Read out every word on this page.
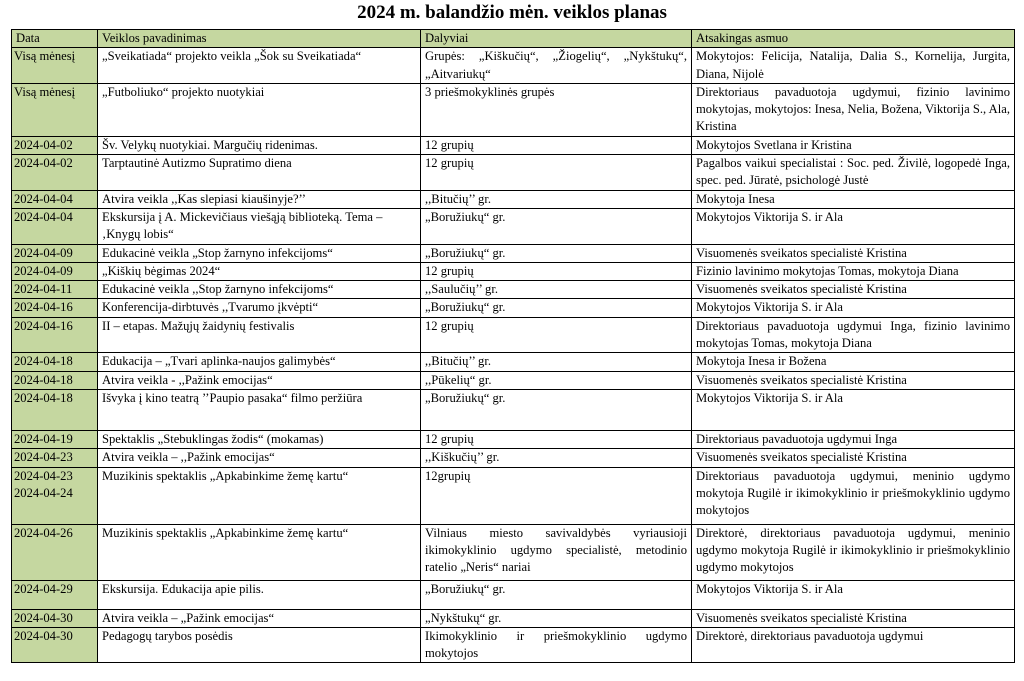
2024 m. balandžio mėn. veiklos planas
Data	Veiklos pavadinimas	Dalyviai	Atsakingas asmuo

Visą mėnesį	„Sveikatiada“ projekto veikla „Šok su Sveikatiada“	Grupės: „Kiškučių“, „Žiogelių“, „Nykštukų“, „Aitvariukų“	Mokytojos: Felicija, Natalija, Dalia S., Kornelija, Jurgita, Diana, Nijolė

Visą mėnesį	„Futboliuko“ projekto nuotykiai	3 priešmokyklinės grupės	Direktoriaus pavaduotoja ugdymui, fizinio lavinimo mokytojas, mokytojos: Inesa, Nelia, Božena, Viktorija S., Ala, Kristina

2024-04-02	Šv. Velykų nuotykiai. Margučių ridenimas.	12 grupių	Mokytojos Svetlana ir Kristina

2024-04-02	Tarptautinė Autizmo Supratimo diena	12 grupių	Pagalbos vaikui specialistai : Soc. ped. Živilė, logopedė Inga, spec. ped. Jūratė, psichologė Justė

2024-04-04	Atvira veikla ,,Kas slepiasi kiaušinyje?’’	,,Bitučių’’ gr.	Mokytoja Inesa

2024-04-04	Ekskursija į A. Mickevičiaus viešąją biblioteką. Tema – ‚Knygų lobis“	„Boružiukų“ gr.	Mokytojos Viktorija S. ir Ala

2024-04-09	Edukacinė veikla „Stop žarnyno infekcijoms“	„Boružiukų“ gr.	Visuomenės sveikatos specialistė Kristina

2024-04-09	„Kiškių bėgimas 2024“	12 grupių	Fizinio lavinimo mokytojas Tomas, mokytoja Diana

2024-04-11	Edukacinė veikla ,,Stop žarnyno infekcijoms“	,,Saulučių’’ gr.	Visuomenės sveikatos specialistė Kristina

2024-04-16	Konferencija-dirbtuvės ,,Tvarumo įkvėpti“	„Boružiukų“ gr.	Mokytojos Viktorija S. ir Ala

2024-04-16	II – etapas. Mažųjų žaidynių festivalis	12 grupių	Direktoriaus pavaduotoja ugdymui Inga, fizinio lavinimo mokytojas Tomas, mokytoja Diana

2024-04-18	Edukacija – „Tvari aplinka-naujos galimybės“	,,Bitučių’’ gr.	Mokytoja Inesa ir Božena

2024-04-18	Atvira veikla - ,,Pažink emocijas“	,,Pūkelių“ gr.	Visuomenės sveikatos specialistė Kristina

2024-04-18	Išvyka į kino teatrą ’’Paupio pasaka“ filmo peržiūra	„Boružiukų“ gr.	Mokytojos Viktorija S. ir Ala

2024-04-19	Spektaklis „Stebuklingas žodis“ (mokamas)	12 grupių	Direktoriaus pavaduotoja ugdymui Inga

2024-04-23	Atvira veikla – ,,Pažink emocijas“	,,Kiškučių’’ gr.	Visuomenės sveikatos specialistė Kristina

2024-04-23
2024-04-24	Muzikinis spektaklis „Apkabinkime žemę kartu“	12grupių	Direktoriaus pavaduotoja ugdymui, meninio ugdymo mokytoja Rugilė ir ikimokyklinio ir priešmokyklinio ugdymo mokytojos

2024-04-26	Muzikinis spektaklis „Apkabinkime žemę kartu“	Vilniaus miesto savivaldybės vyriausioji ikimokyklinio ugdymo specialistė, metodinio ratelio „Neris“ nariai	Direktorė, direktoriaus pavaduotoja ugdymui, meninio ugdymo mokytoja Rugilė ir ikimokyklinio ir priešmokyklinio ugdymo mokytojos

2024-04-29	Ekskursija. Edukacija apie pilis.	„Boružiukų“ gr.	Mokytojos Viktorija S. ir Ala

2024-04-30	Atvira veikla – „Pažink emocijas“	„Nykštukų“ gr.	Visuomenės sveikatos specialistė Kristina

2024-04-30	Pedagogų tarybos posėdis	Ikimokyklinio ir priešmokyklinio ugdymo mokytojos	Direktorė, direktoriaus pavaduotoja ugdymui
